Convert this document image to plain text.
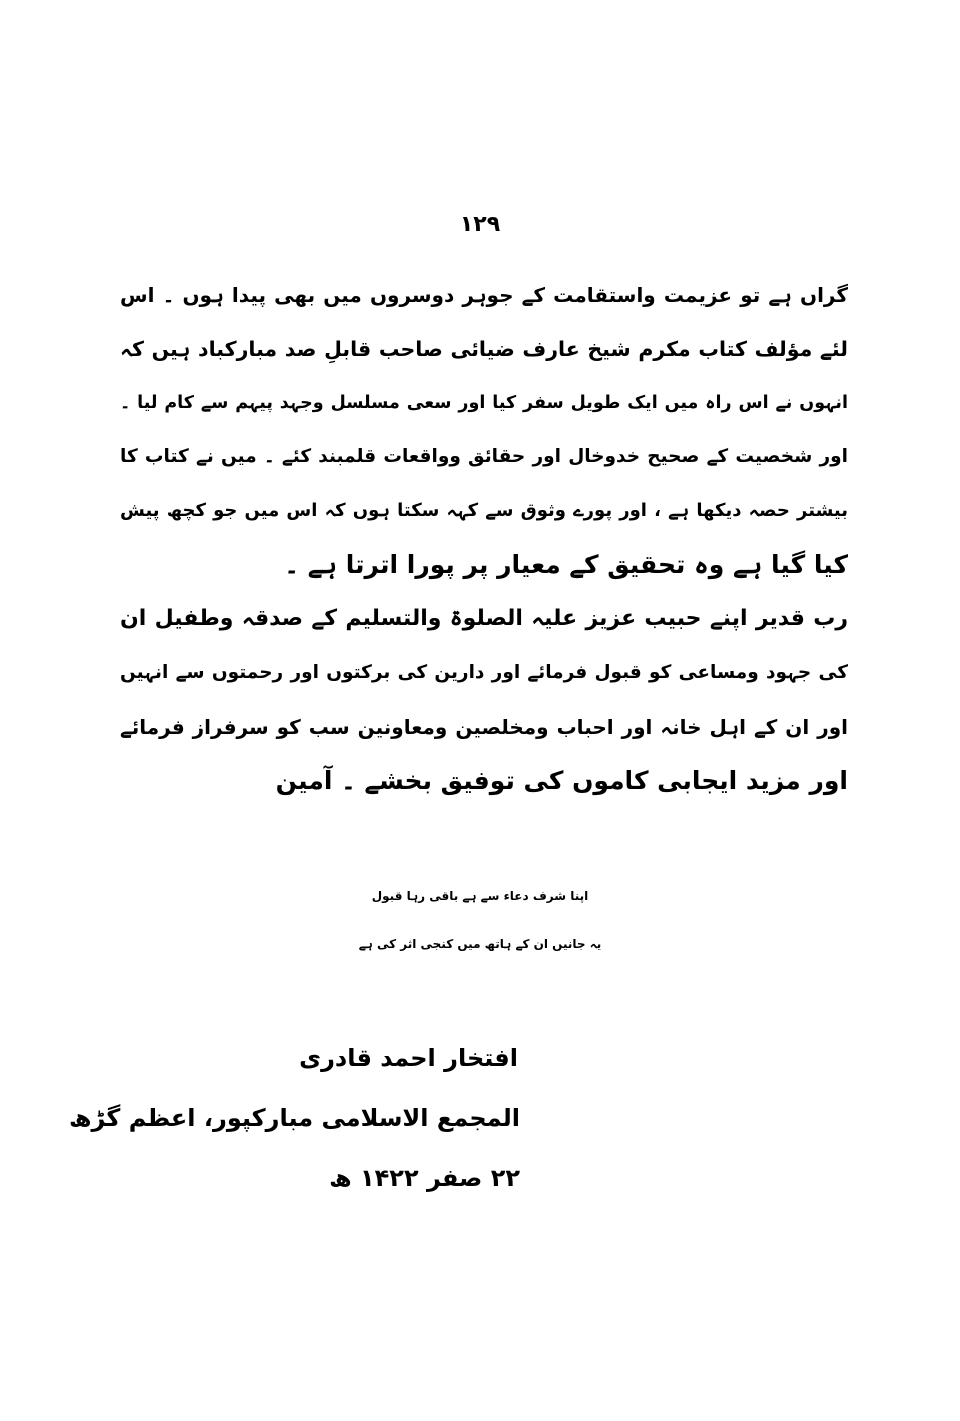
۱۲۹
گراں ہے تو عزیمت واستقامت کے جوہر دوسروں میں بھی پیدا ہوں ۔ اس
لئے مؤلف کتاب مکرم شیخ عارف ضیائی صاحب قابلِ صد مبارکباد ہیں کہ
انہوں نے اس راہ میں ایک طویل سفر کیا اور سعی مسلسل وجہد پیہم سے کام لیا ۔
اور شخصیت کے صحیح خدوخال اور حقائق وواقعات قلمبند کئے ۔ میں نے کتاب کا
بیشتر حصہ دیکھا ہے ، اور پورے وثوق سے کہہ سکتا ہوں کہ اس میں جو کچھ پیش
کیا گیا ہے وہ تحقیق کے معیار پر پورا اترتا ہے ۔
رب قدیر اپنے حبیب عزیز علیہ الصلوۃ والتسلیم کے صدقہ وطفیل ان
کی جہود ومساعی کو قبول فرمائے اور دارین کی برکتوں اور رحمتوں سے انہیں
اور ان کے اہل خانہ اور احباب ومخلصین ومعاونین سب کو سرفراز فرمائے
اور مزید ایجابی کاموں کی توفیق بخشے ۔ آمین
اپنا شرف دعاء سے ہے باقی رہا قبول
یہ جانیں ان کے ہاتھ میں کنجی اثر کی ہے
افتخار احمد قادری
المجمع الاسلامی مبارکپور، اعظم گڑھ
۲۲ صفر ۱۴۲۲ ھ
